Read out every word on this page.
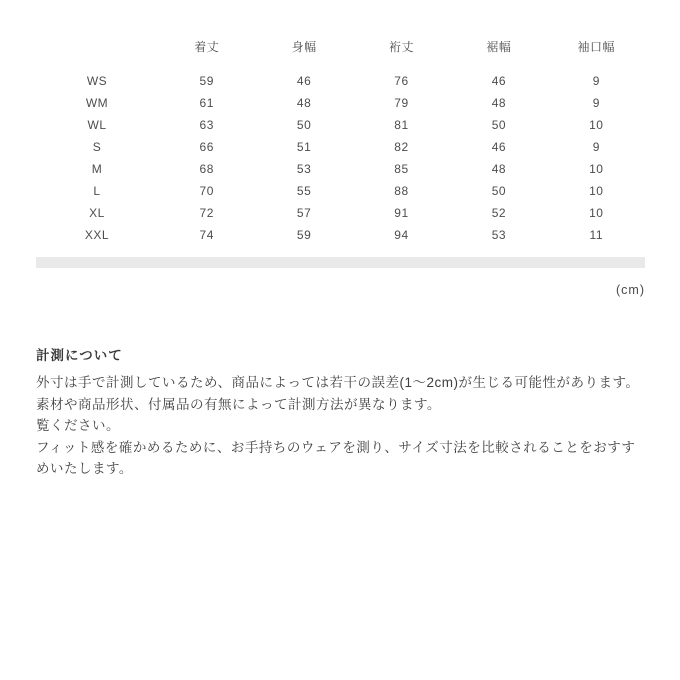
	着丈	身幅	裄丈	裾幅	袖口幅
WS	59	46	76	46	9
WM	61	48	79	48	9
WL	63	50	81	50	10
S	66	51	82	46	9
M	68	53	85	48	10
L	70	55	88	50	10
XL	72	57	91	52	10
XXL	74	59	94	53	11
(cm)

計測について

外寸は手で計測しているため、商品によっては若干の誤差(1〜2cm)が生じる可能性があります。

素材や商品形状、付属品の有無によって計測方法が異なります。

覧ください。

フィット感を確かめるために、お手持ちのウェアを測り、サイズ寸法を比較されることをおすすめいたします。
